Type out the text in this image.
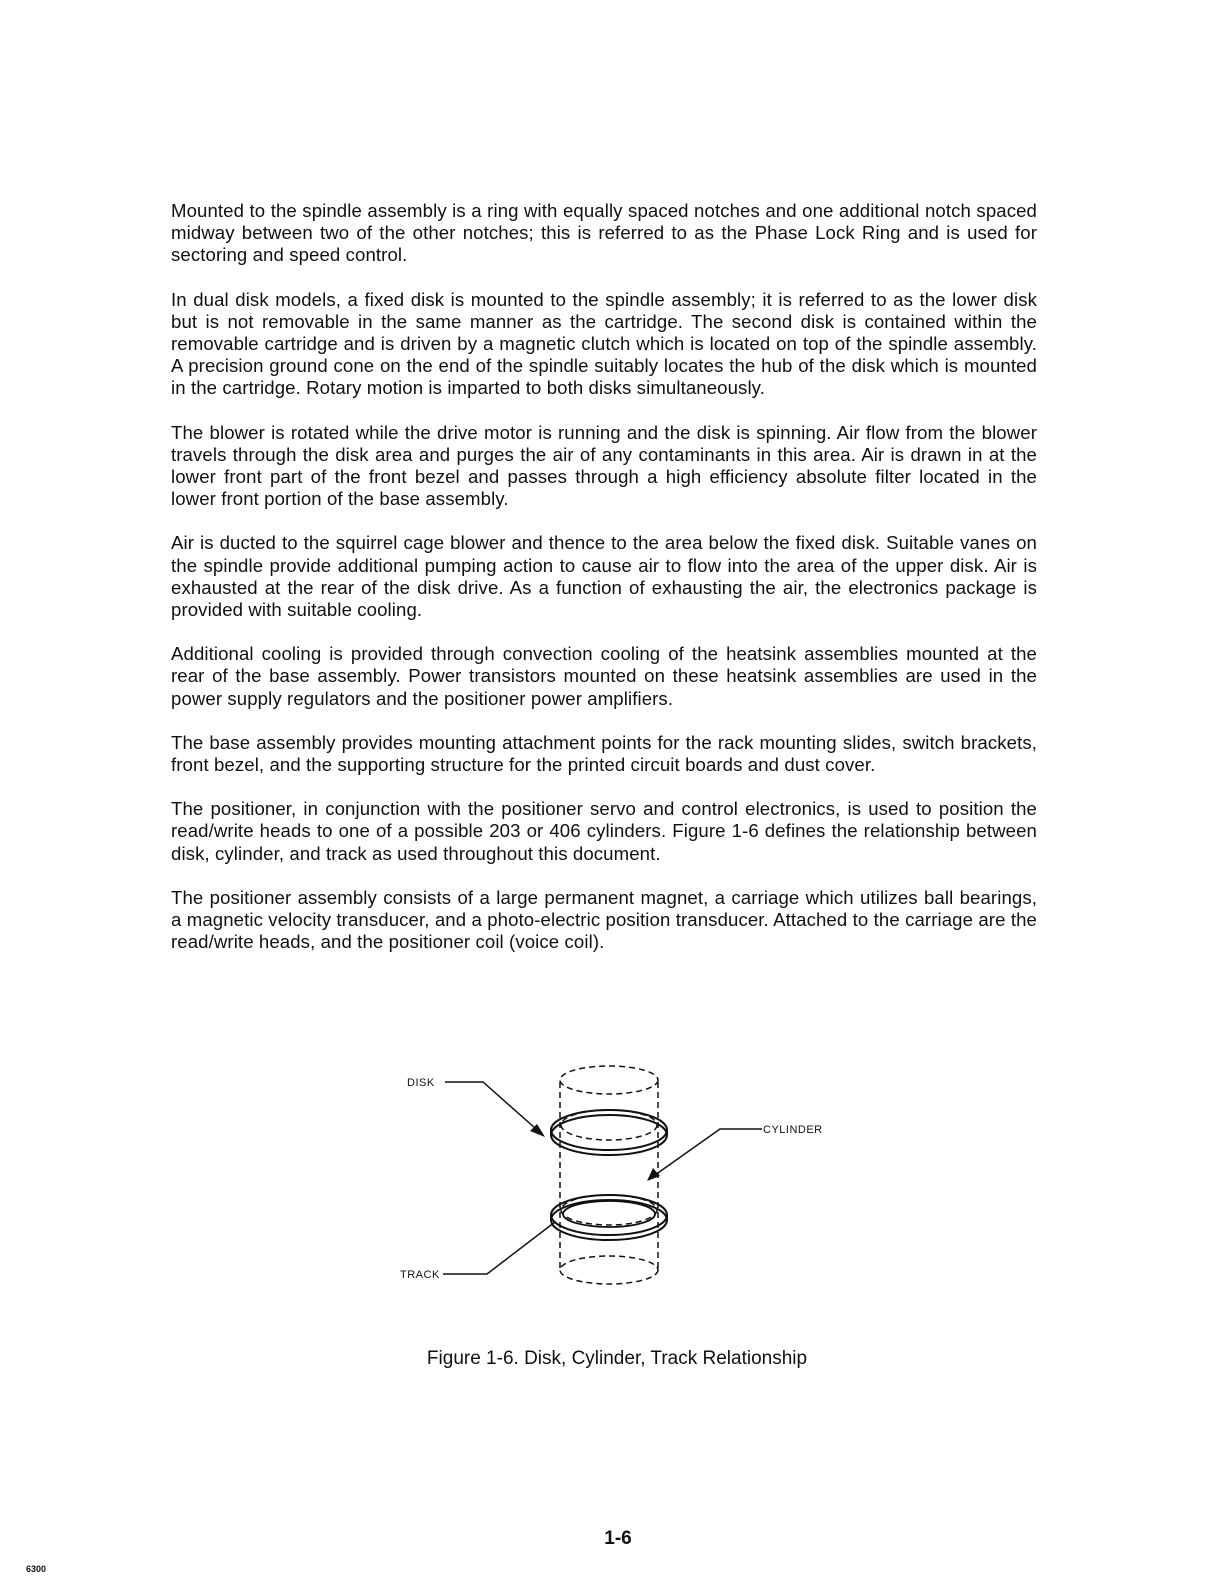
Mounted to the spindle assembly is a ring with equally spaced notches and one additional notch spaced midway between two of the other notches; this is referred to as the Phase Lock Ring and is used for sectoring and speed control.

In dual disk models, a fixed disk is mounted to the spindle assembly; it is referred to as the lower disk but is not removable in the same manner as the cartridge. The second disk is contained within the removable cartridge and is driven by a magnetic clutch which is located on top of the spindle assembly. A precision ground cone on the end of the spindle suitably locates the hub of the disk which is mounted in the cartridge. Rotary motion is imparted to both disks simultaneously.

The blower is rotated while the drive motor is running and the disk is spinning. Air flow from the blower travels through the disk area and purges the air of any contaminants in this area. Air is drawn in at the lower front part of the front bezel and passes through a high efficiency absolute filter located in the lower front portion of the base assembly.

Air is ducted to the squirrel cage blower and thence to the area below the fixed disk. Suitable vanes on the spindle provide additional pumping action to cause air to flow into the area of the upper disk. Air is exhausted at the rear of the disk drive. As a function of exhausting the air, the electronics package is provided with suitable cooling.

Additional cooling is provided through convection cooling of the heatsink assemblies mounted at the rear of the base assembly. Power transistors mounted on these heatsink assemblies are used in the power supply regulators and the positioner power amplifiers.

The base assembly provides mounting attachment points for the rack mounting slides, switch brackets, front bezel, and the supporting structure for the printed circuit boards and dust cover.

The positioner, in conjunction with the positioner servo and control electronics, is used to position the read/write heads to one of a possible 203 or 406 cylinders. Figure 1-6 defines the relationship between disk, cylinder, and track as used throughout this document.

The positioner assembly consists of a large permanent magnet, a carriage which utilizes ball bearings, a magnetic velocity transducer, and a photo-electric position transducer. Attached to the carriage are the read/write heads, and the positioner coil (voice coil).

DISK
CYLINDER
TRACK
Figure 1-6. Disk, Cylinder, Track Relationship
1-6
6300
